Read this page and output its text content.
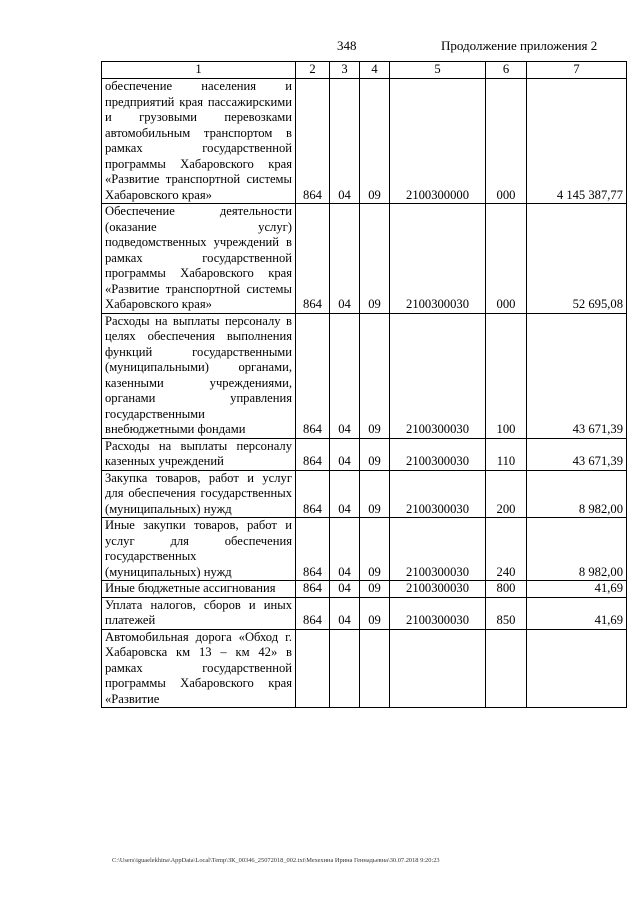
348	Продолжение приложения 2
1	2	3	4	5	6	7
обеспечение населения и предприятий края пассажирскими и грузовыми перевозками автомобильным транспортом в рамках государственной программы Хабаровского края «Развитие транспортной системы Хабаровского края»	864	04	09	2100300000	000	4 145 387,77
Обеспечение деятельности (оказание услуг) подведомственных учреждений в рамках государственной программы Хабаровского края «Развитие транспортной системы Хабаровского края»	864	04	09	2100300030	000	52 695,08
Расходы на выплаты персоналу в целях обеспечения выполнения функций государственными (муниципальными) органами, казенными учреждениями, органами управления государственными внебюджетными фондами	864	04	09	2100300030	100	43 671,39
Расходы на выплаты персоналу казенных учреждений	864	04	09	2100300030	110	43 671,39
Закупка товаров, работ и услуг для обеспечения государственных (муниципальных) нужд	864	04	09	2100300030	200	8 982,00
Иные закупки товаров, работ и услуг для обеспечения государственных (муниципальных) нужд	864	04	09	2100300030	240	8 982,00
Иные бюджетные ассигнования	864	04	09	2100300030	800	41,69
Уплата налогов, сборов и иных платежей	864	04	09	2100300030	850	41,69
Автомобильная дорога «Обход г. Хабаровска км 13 – км 42» в рамках государственной программы Хабаровского края «Развитие						
C:\Users\iguaelekhina\AppData\Local\Temp\ЗК_00346_25072018_002.txt\Мехехина Ирина Геннадьевна\30.07.2018 9:20:23
